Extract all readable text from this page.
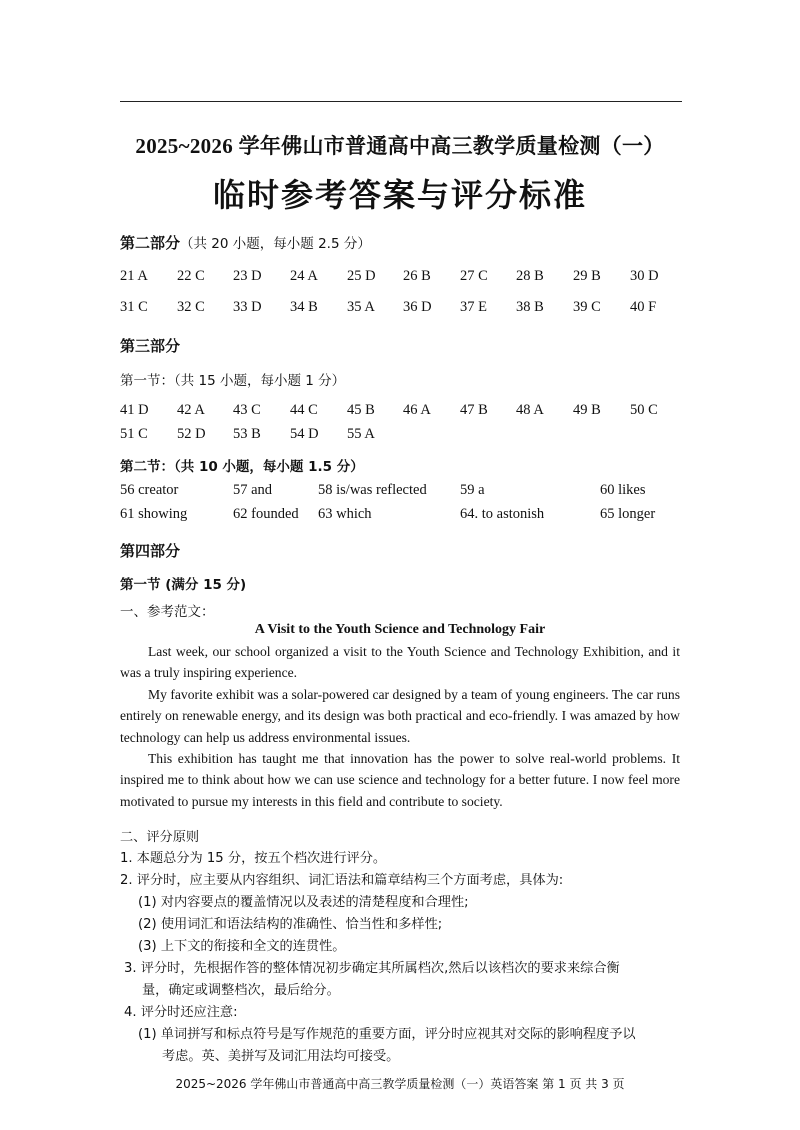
2025~2026 学年佛山市普通高中高三教学质量检测（一）
临时参考答案与评分标准
第二部分（共 20 小题，每小题 2.5 分）
21 A 22 C 23 D 24 A 25 D 26 B 27 C 28 B 29 B 30 D
31 C 32 C 33 D 34 B 35 A 36 D 37 E 38 B 39 C 40 F
第三部分
第一节：（共 15 小题，每小题 1 分）
41 D 42 A 43 C 44 C 45 B 46 A 47 B 48 A 49 B 50 C
51 C 52 D 53 B 54 D 55 A
第二节：（共 10 小题，每小题 1.5 分）
56 creator	57 and	58 is/was reflected 59 a	60 likes
61 showing	62 founded 63 which	64. to astonish	65 longer
第四部分
第一节 (满分 15 分)
一、参考范文：
A Visit to the Youth Science and Technology Fair
Last week, our school organized a visit to the Youth Science and Technology Exhibition, and it was a truly inspiring experience.
My favorite exhibit was a solar-powered car designed by a team of young engineers. The car runs entirely on renewable energy, and its design was both practical and eco-friendly. I was amazed by how technology can help us address environmental issues.
This exhibition has taught me that innovation has the power to solve real-world problems. It inspired me to think about how we can use science and technology for a better future. I now feel more motivated to pursue my interests in this field and contribute to society.
二、评分原则
1. 本题总分为 15 分，按五个档次进行评分。
2. 评分时，应主要从内容组织、词汇语法和篇章结构三个方面考虑，具体为:
(1) 对内容要点的覆盖情况以及表述的清楚程度和合理性;
(2) 使用词汇和语法结构的准确性、恰当性和多样性;
(3) 上下文的衔接和全文的连贯性。
3. 评分时，先根据作答的整体情况初步确定其所属档次,然后以该档次的要求来综合衡
量，确定或调整档次，最后给分。
4. 评分时还应注意:
(1) 单词拼写和标点符号是写作规范的重要方面，评分时应视其对交际的影响程度予以
考虑。英、美拼写及词汇用法均可接受。
2025~2026 学年佛山市普通高中高三教学质量检测（一）英语答案 第 1 页 共 3 页
